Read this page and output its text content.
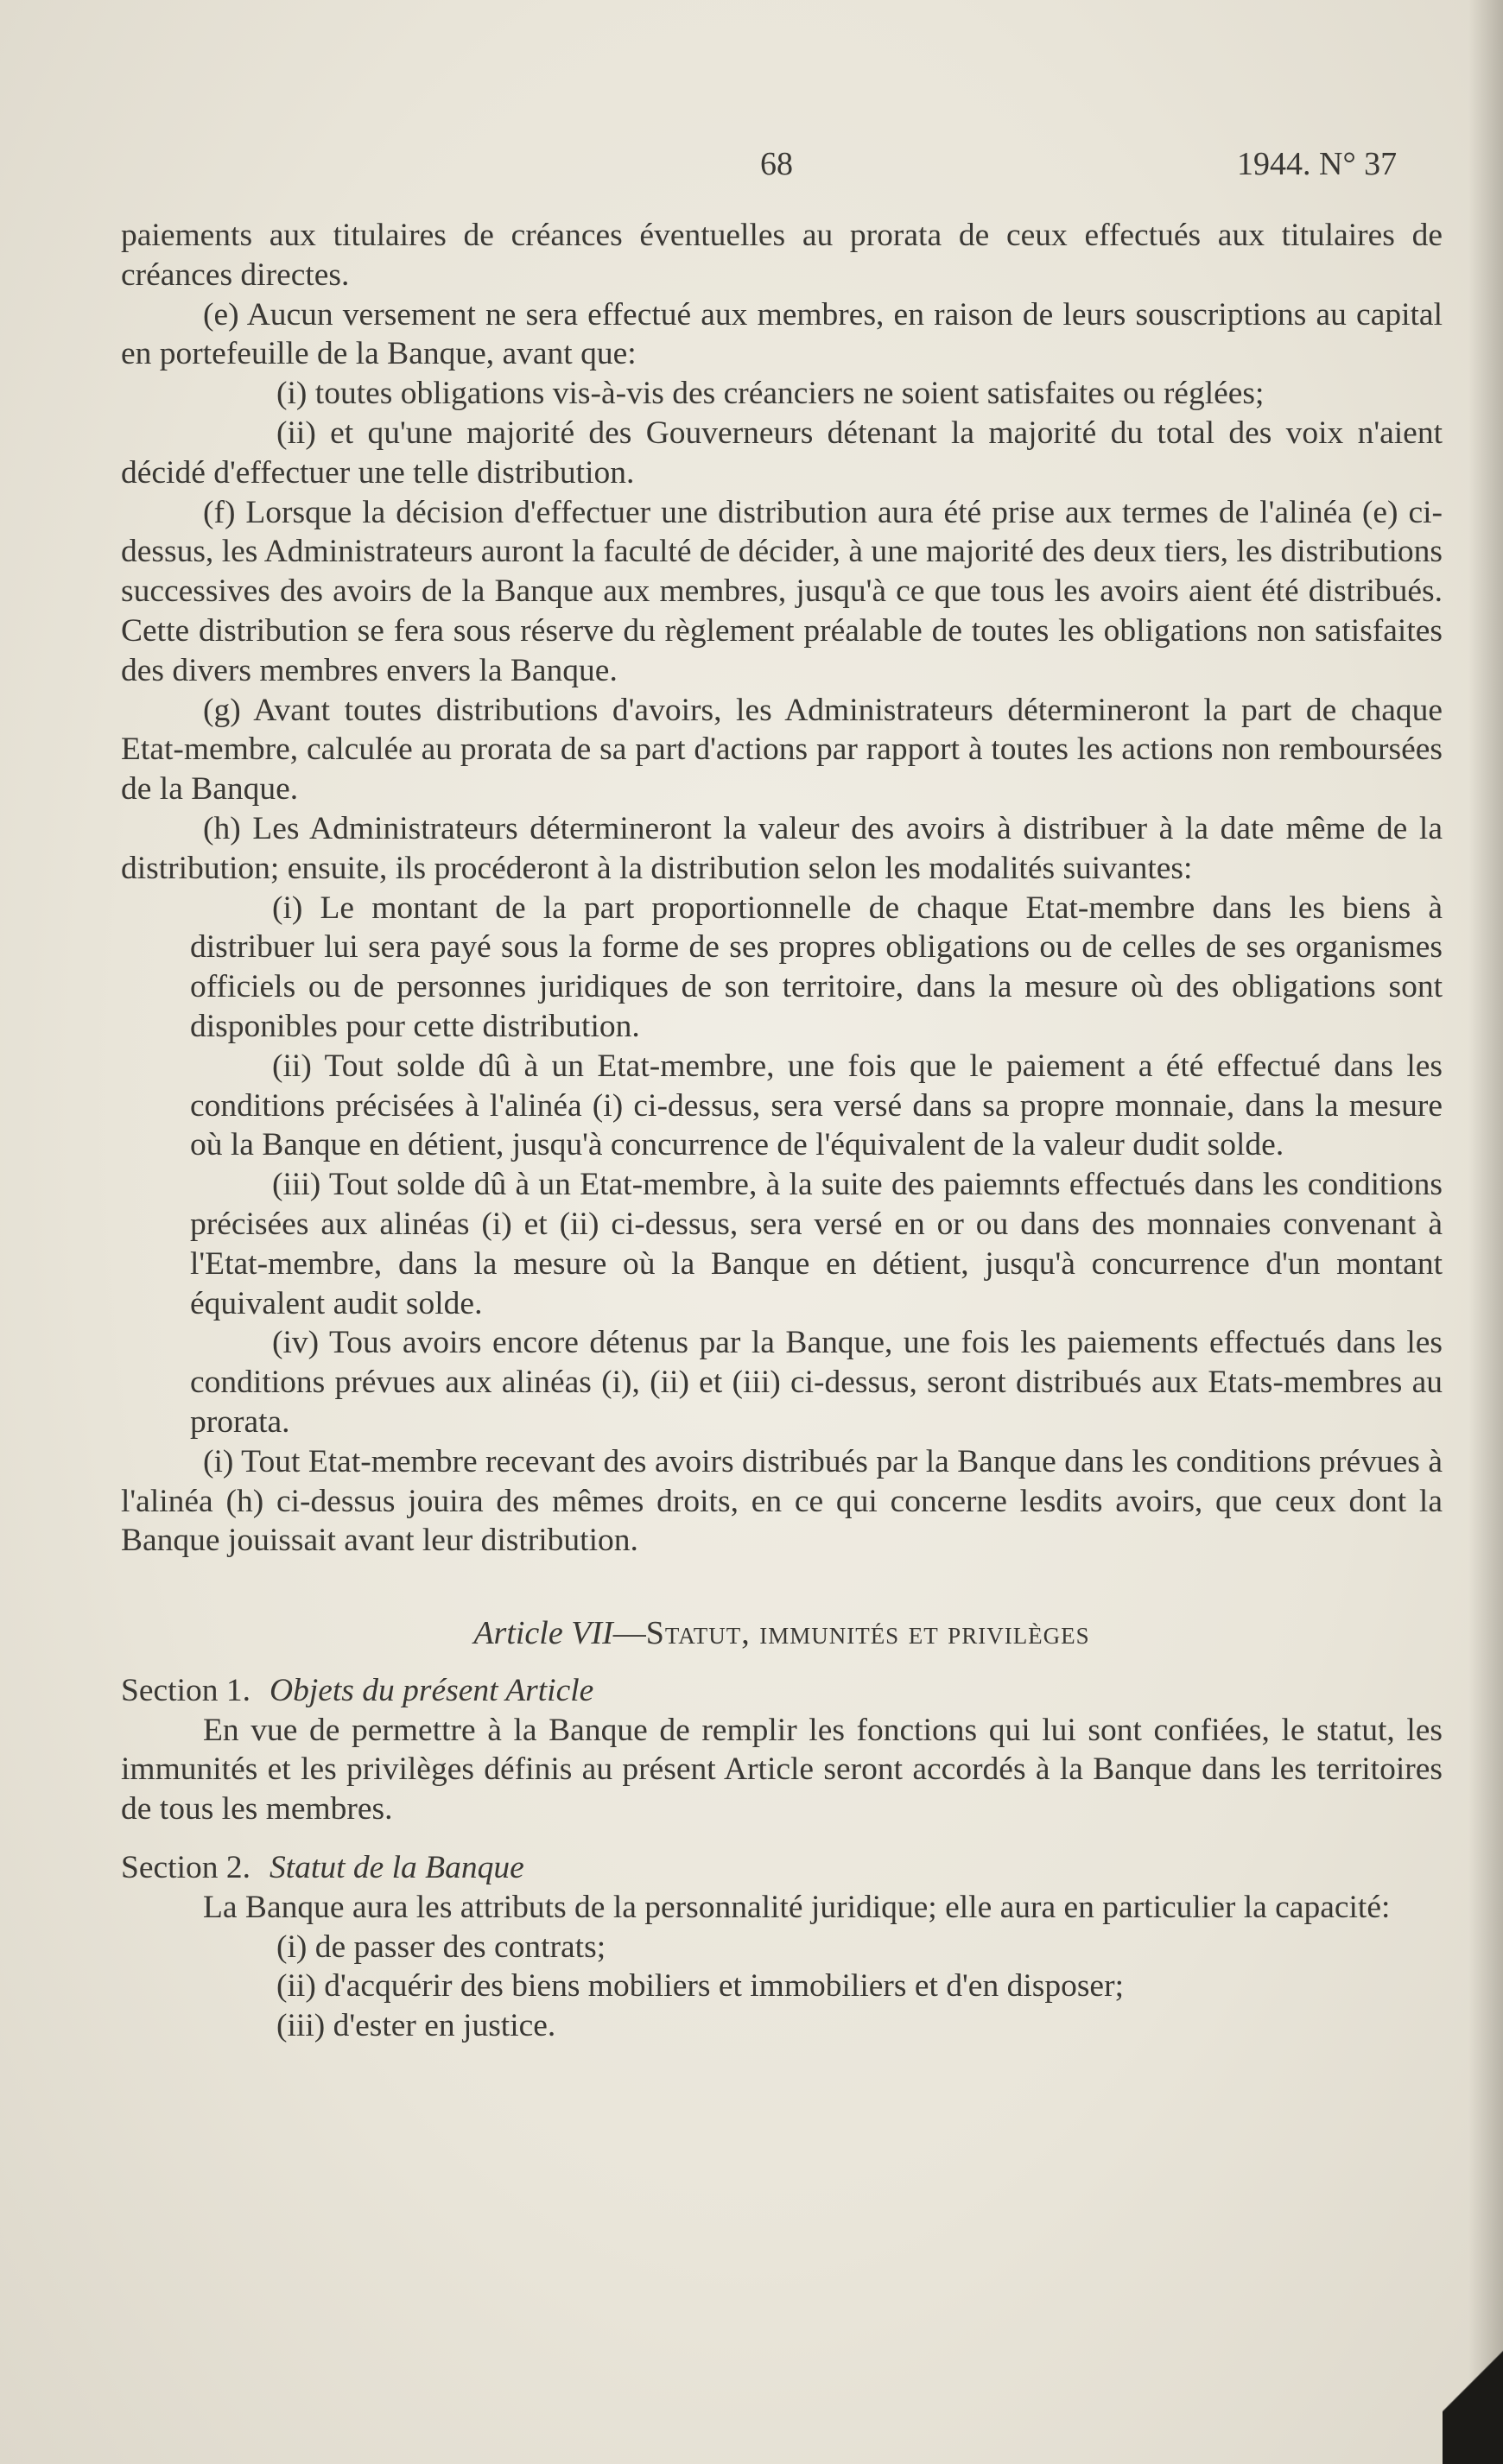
68	1944. N° 37

paiements aux titulaires de créances éventuelles au prorata de ceux effectués aux titulaires de créances directes.

(e) Aucun versement ne sera effectué aux membres, en raison de leurs souscriptions au capital en portefeuille de la Banque, avant que:

(i) toutes obligations vis-à-vis des créanciers ne soient satisfaites ou réglées;

(ii) et qu'une majorité des Gouverneurs détenant la majorité du total des voix n'aient décidé d'effectuer une telle distribution.

(f) Lorsque la décision d'effectuer une distribution aura été prise aux termes de l'alinéa (e) ci-dessus, les Administrateurs auront la faculté de décider, à une majorité des deux tiers, les distributions successives des avoirs de la Banque aux membres, jusqu'à ce que tous les avoirs aient été distribués. Cette distribution se fera sous réserve du règlement préalable de toutes les obligations non satisfaites des divers membres envers la Banque.

(g) Avant toutes distributions d'avoirs, les Administrateurs détermineront la part de chaque Etat-membre, calculée au prorata de sa part d'actions par rapport à toutes les actions non remboursées de la Banque.

(h) Les Administrateurs détermineront la valeur des avoirs à distribuer à la date même de la distribution; ensuite, ils procéderont à la distribution selon les modalités suivantes:

(i) Le montant de la part proportionnelle de chaque Etat-membre dans les biens à distribuer lui sera payé sous la forme de ses propres obligations ou de celles de ses organismes officiels ou de personnes juridiques de son territoire, dans la mesure où des obligations sont disponibles pour cette distribution.

(ii) Tout solde dû à un Etat-membre, une fois que le paiement a été effectué dans les conditions précisées à l'alinéa (i) ci-dessus, sera versé dans sa propre monnaie, dans la mesure où la Banque en détient, jusqu'à concurrence de l'équivalent de la valeur dudit solde.

(iii) Tout solde dû à un Etat-membre, à la suite des paiemnts effectués dans les conditions précisées aux alinéas (i) et (ii) ci-dessus, sera versé en or ou dans des monnaies convenant à l'Etat-membre, dans la mesure où la Banque en détient, jusqu'à concurrence d'un montant équivalent audit solde.

(iv) Tous avoirs encore détenus par la Banque, une fois les paiements effectués dans les conditions prévues aux alinéas (i), (ii) et (iii) ci-dessus, seront distribués aux Etats-membres au prorata.

(i) Tout Etat-membre recevant des avoirs distribués par la Banque dans les conditions prévues à l'alinéa (h) ci-dessus jouira des mêmes droits, en ce qui concerne lesdits avoirs, que ceux dont la Banque jouissait avant leur distribution.

Article VII—Statut, immunités et privilèges

Section 1. Objets du présent Article

En vue de permettre à la Banque de remplir les fonctions qui lui sont confiées, le statut, les immunités et les privilèges définis au présent Article seront accordés à la Banque dans les territoires de tous les membres.

Section 2. Statut de la Banque

La Banque aura les attributs de la personnalité juridique; elle aura en particulier la capacité:

(i) de passer des contrats;

(ii) d'acquérir des biens mobiliers et immobiliers et d'en disposer;

(iii) d'ester en justice.
